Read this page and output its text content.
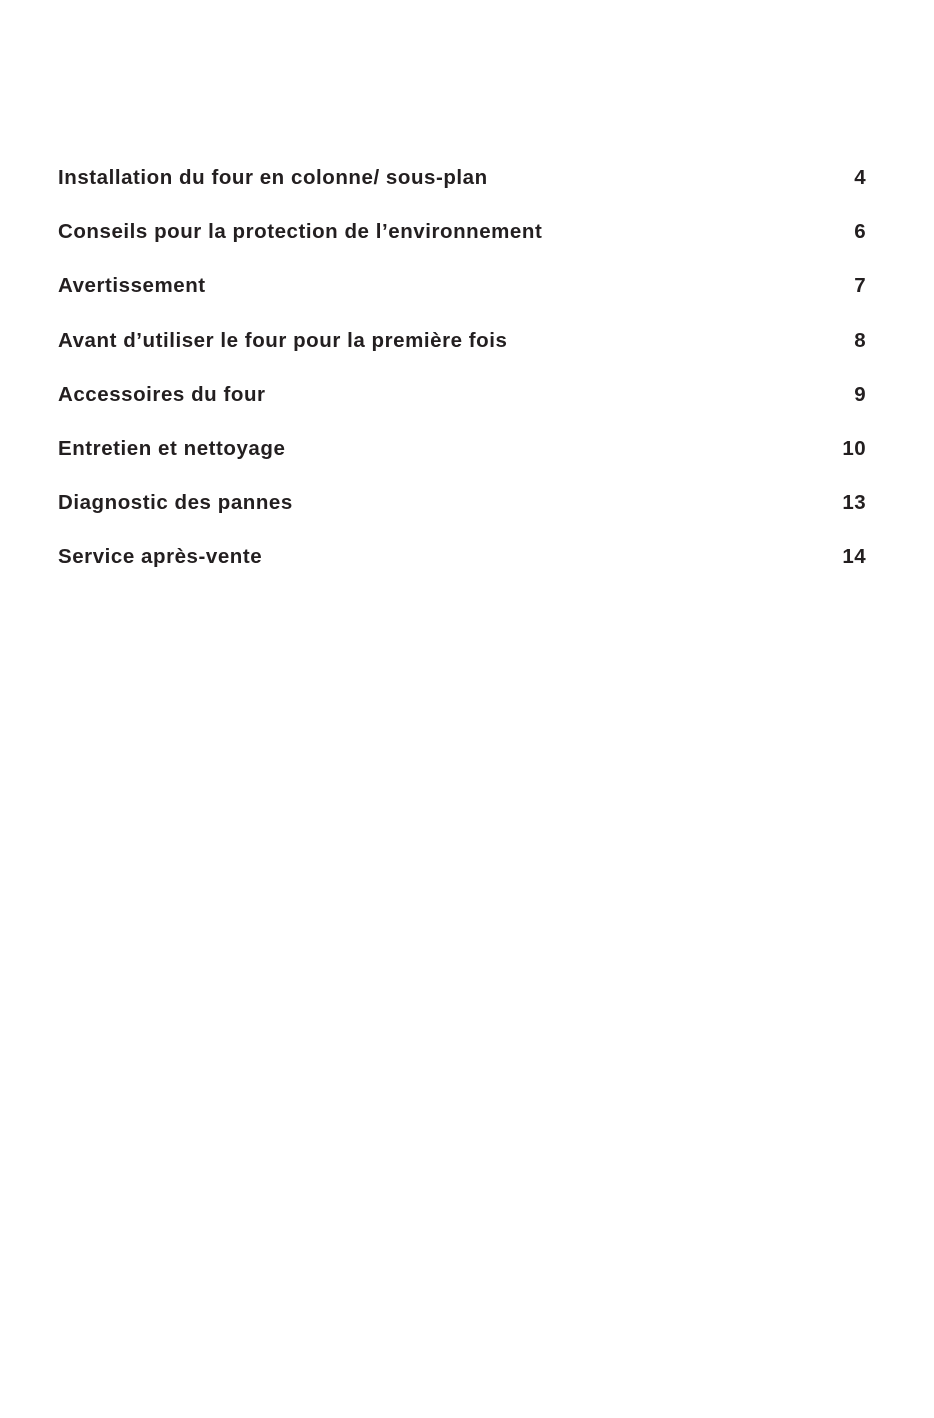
Installation du four en colonne/ sous-plan	4
Conseils pour la protection de l’environnement	6
Avertissement	7
Avant d’utiliser le four pour la première fois	8
Accessoires du four	9
Entretien et nettoyage	10
Diagnostic des pannes	13
Service après-vente	14
